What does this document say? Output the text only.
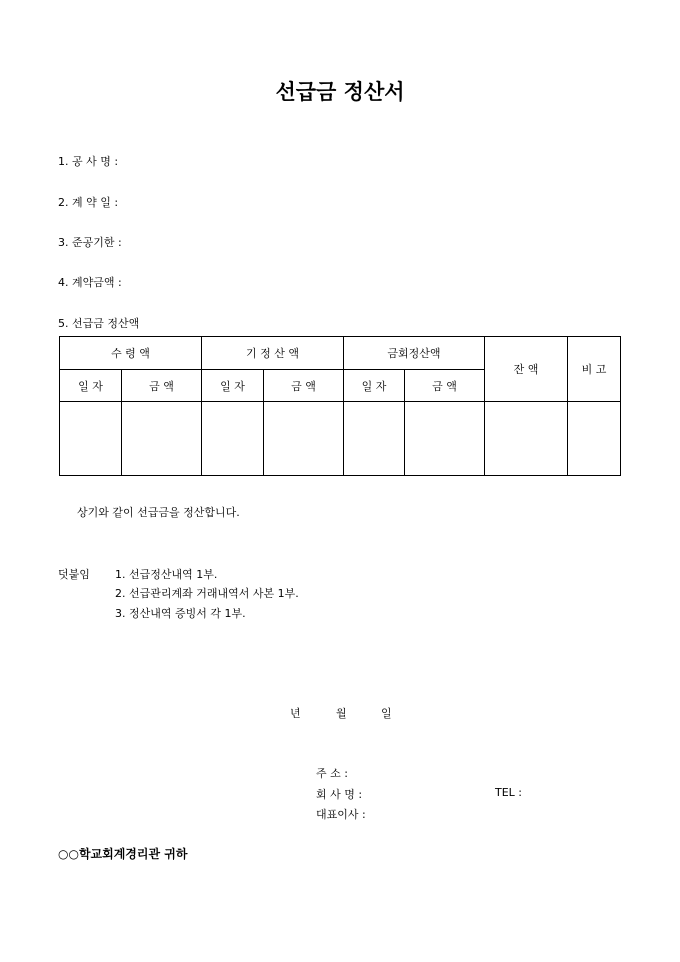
선급금 정산서
1. 공 사 명 :
2. 계 약 일 :
3. 준공기한 :
4. 계약금액 :
5. 선급금 정산액
수 령 액		기 정 산 액		금회정산액		잔 액	비 고
일 자	금 액	일 자	금 액	일 자	금 액		

상기와 같이 선급금을 정산합니다.
덧붙임 1. 선급정산내역 1부.
2. 선급관리계좌 거래내역서 사본 1부.
3. 정산내역 증빙서 각 1부.
년	월	일
주 소 :
회 사 명 :	TEL :
대표이사 :
○○학교회계경리관 귀하
